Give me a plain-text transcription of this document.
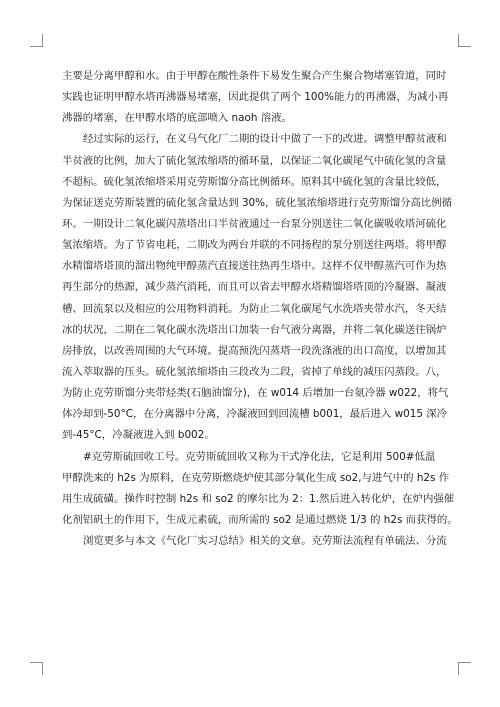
主要是分离甲醇和水。由于甲醇在酸性条件下易发生聚合产生聚合物堵塞管道，同时
实践也证明甲醇水塔再沸器易堵塞，因此提供了两个 100%能力的再沸器，为减小再
沸器的堵塞，在甲醇水塔的底部喷入 naoh 溶液。
经过实际的运行，在义马气化厂二期的设计中做了一下的改进。调整甲醇贫液和
半贫液的比例，加大了硫化氢浓缩塔的循环量，以保证二氧化碳尾气中硫化氢的含量
不超标。硫化氢浓缩塔采用克劳斯馏分高比例循环。原料其中硫化氢的含量比较低，
为保证送克劳斯装置的硫化氢含量达到 30%，硫化氢浓缩塔进行克劳斯馏分高比例循
环。一期设计二氧化碳闪蒸塔出口半贫液通过一台泵分别送往二氧化碳吸收塔河硫化
氢浓缩塔。为了节省电耗，二期改为两台并联的不同扬程的泵分别送往两塔。将甲醇
水精馏塔塔顶的溜出物纯甲醇蒸汽直接送往热再生塔中。这样不仅甲醇蒸汽可作为热
再生部分的热源，减少蒸汽消耗，而且可以省去甲醇水塔精馏塔塔顶的冷凝器、凝液
槽、回流泵以及相应的公用物料消耗。为防止二氧化碳尾气水洗塔夹带水汽，冬天结
冰的状况，二期在二氧化碳水洗塔出口加装一台气液分离器，并将二氧化碳送往锅炉
房排放，以改善周围的大气环境。提高预洗闪蒸塔一段洗涤液的出口高度，以增加其
流入萃取器的压头。硫化氢浓缩塔由三段改为二段，省掉了单线的减压闪蒸段。八，
为防止克劳斯馏分夹带烃类(石脑油馏分)，在 w014 后增加一台氨冷器 w022，将气
体冷却到-50°C，在分离器中分离，冷凝液回到回流槽 b001，最后进入 w015 深冷
到-45°C，冷凝液进入到 b002。
#克劳斯硫回收工号。克劳斯硫回收又称为干式净化法，它是利用 500#低温
甲醇洗来的 h2s 为原料，在克劳斯燃烧炉使其部分氧化生成 so2,与进气中的 h2s 作
用生成硫磺。操作时控制 h2s 和 so2 的摩尔比为 2：1.然后进入转化炉，在炉内强催
化剂铝矾土的作用下，生成元素硫，而所需的 so2 是通过燃烧 1/3 的 h2s 而获得的。
浏览更多与本文《气化厂实习总结》相关的文章。克劳斯法流程有单硫法、分流
